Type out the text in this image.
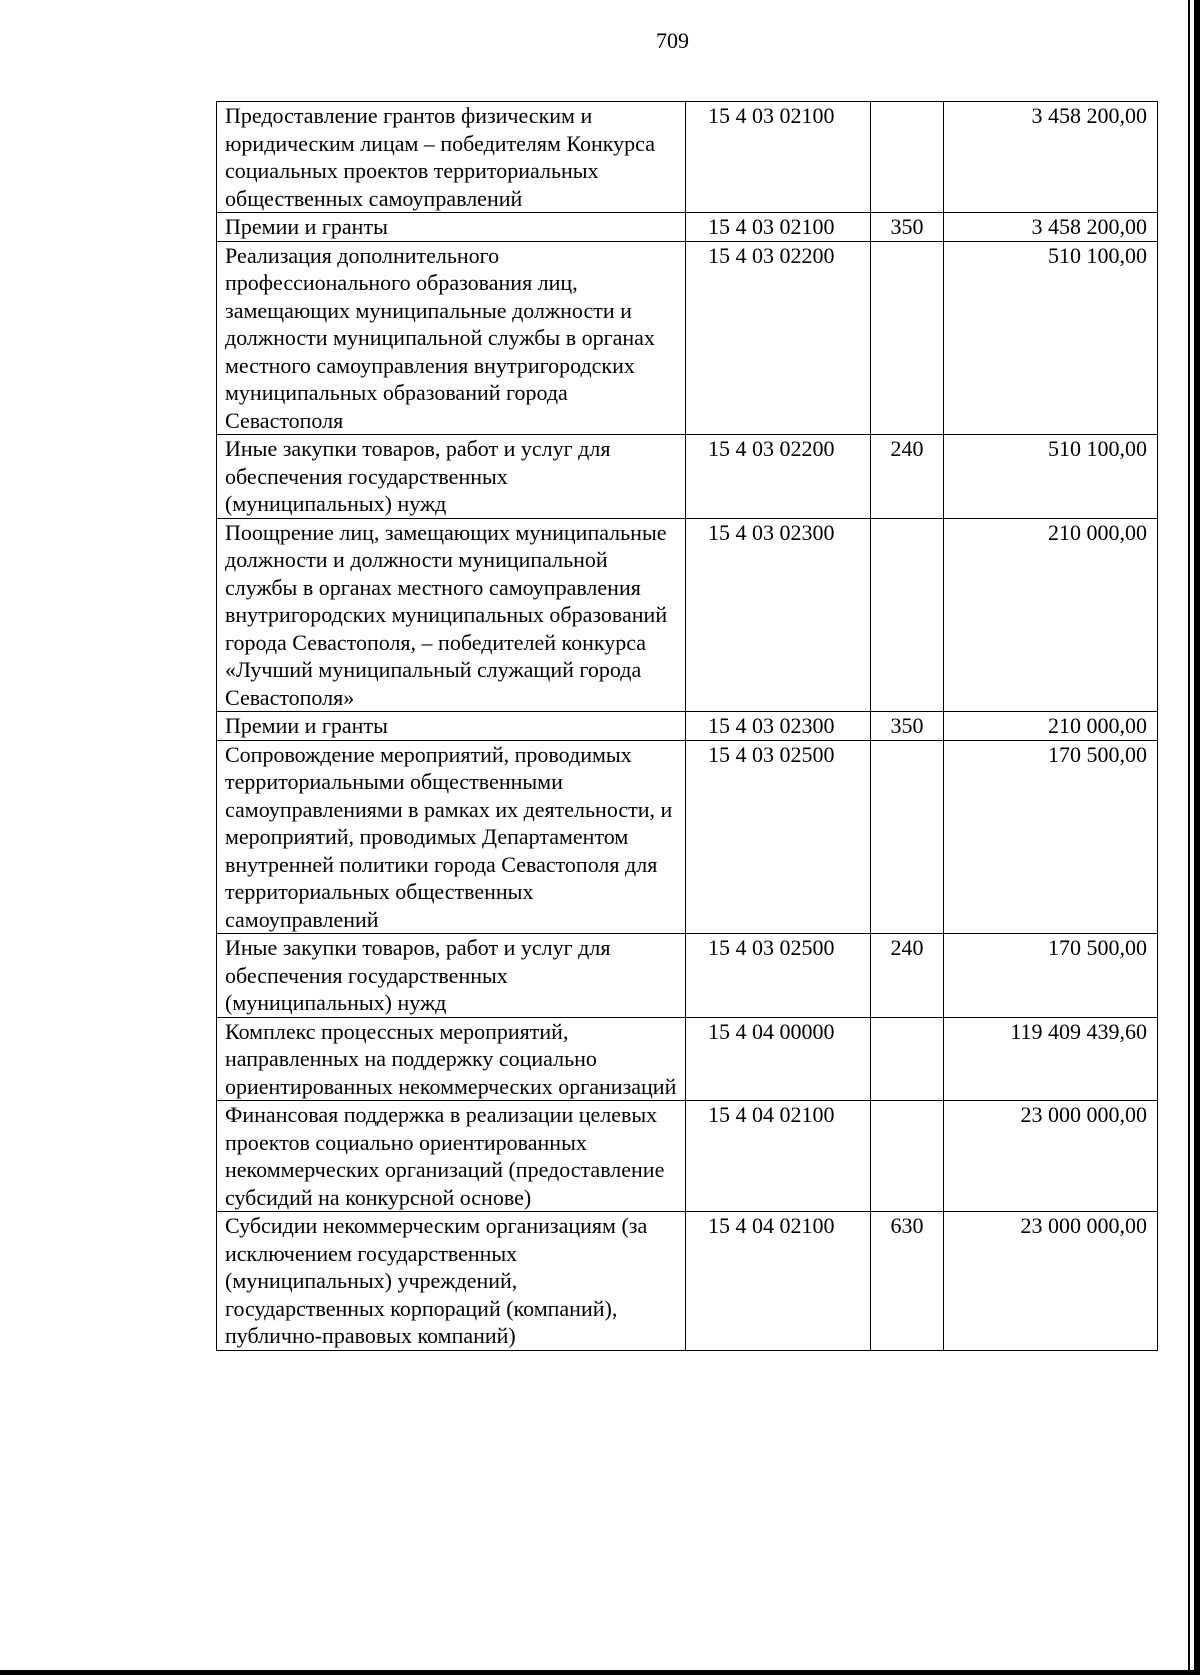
709
Предоставление грантов физическим и юридическим лицам – победителям Конкурса социальных проектов территориальных общественных самоуправлений	15 4 03 02100		3 458 200,00
Премии и гранты	15 4 03 02100	350	3 458 200,00
Реализация дополнительного профессионального образования лиц, замещающих муниципальные должности и должности муниципальной службы в органах местного самоуправления внутригородских муниципальных образований города Севастополя	15 4 03 02200		510 100,00
Иные закупки товаров, работ и услуг для обеспечения государственных (муниципальных) нужд	15 4 03 02200	240	510 100,00
Поощрение лиц, замещающих муниципальные должности и должности муниципальной службы в органах местного самоуправления внутригородских муниципальных образований города Севастополя, – победителей конкурса «Лучший муниципальный служащий города Севастополя»	15 4 03 02300		210 000,00
Премии и гранты	15 4 03 02300	350	210 000,00
Сопровождение мероприятий, проводимых территориальными общественными самоуправлениями в рамках их деятельности, и мероприятий, проводимых Департаментом внутренней политики города Севастополя для территориальных общественных самоуправлений	15 4 03 02500		170 500,00
Иные закупки товаров, работ и услуг для обеспечения государственных (муниципальных) нужд	15 4 03 02500	240	170 500,00
Комплекс процессных мероприятий, направленных на поддержку социально ориентированных некоммерческих организаций	15 4 04 00000		119 409 439,60
Финансовая поддержка в реализации целевых проектов социально ориентированных некоммерческих организаций (предоставление субсидий на конкурсной основе)	15 4 04 02100		23 000 000,00
Субсидии некоммерческим организациям (за исключением государственных (муниципальных) учреждений, государственных корпораций (компаний), публично-правовых компаний)	15 4 04 02100	630	23 000 000,00
